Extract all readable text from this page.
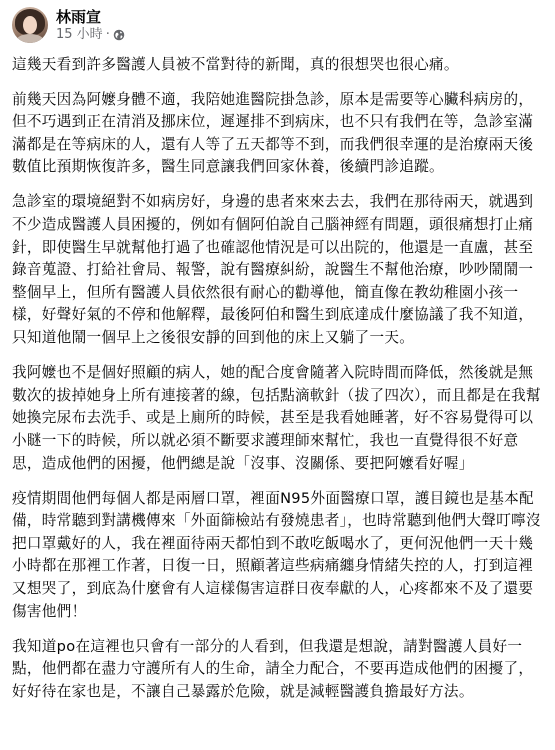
林雨宣
15 小時 ·

這幾天看到許多醫護人員被不當對待的新聞，真的很想哭也很心痛。

前幾天因為阿嬤身體不適，我陪她進醫院掛急診，原本是需要等心臟科病房的，但不巧遇到正在清消及挪床位，遲遲排不到病床，也不只有我們在等，急診室滿滿都是在等病床的人，還有人等了五天都等不到，而我們很幸運的是治療兩天後數值比預期恢復許多，醫生同意讓我們回家休養，後續門診追蹤。

急診室的環境絕對不如病房好，身邊的患者來來去去，我們在那待兩天，就遇到不少造成醫護人員困擾的，例如有個阿伯說自己腦神經有問題，頭很痛想打止痛針，即使醫生早就幫他打過了也確認他情況是可以出院的，他還是一直盧，甚至錄音蒐證、打給社會局、報警，說有醫療糾紛，說醫生不幫他治療，吵吵鬧鬧一整個早上，但所有醫護人員依然很有耐心的勸導他，簡直像在教幼稚園小孩一樣，好聲好氣的不停和他解釋，最後阿伯和醫生到底達成什麼協議了我不知道，只知道他鬧一個早上之後很安靜的回到他的床上又躺了一天。

我阿嬤也不是個好照顧的病人，她的配合度會隨著入院時間而降低，然後就是無數次的拔掉她身上所有連接著的線，包括點滴軟針（拔了四次），而且都是在我幫她換完尿布去洗手、或是上廁所的時候，甚至是我看她睡著，好不容易覺得可以小瞇一下的時候，所以就必須不斷要求護理師來幫忙，我也一直覺得很不好意思，造成他們的困擾，他們總是說「沒事、沒關係、要把阿嬤看好喔」

疫情期間他們每個人都是兩層口罩，裡面N95外面醫療口罩，護目鏡也是基本配備，時常聽到對講機傳來「外面篩檢站有發燒患者」，也時常聽到他們大聲叮嚀沒把口罩戴好的人，我在裡面待兩天都怕到不敢吃飯喝水了，更何況他們一天十幾小時都在那裡工作著，日復一日，照顧著這些病痛纏身情緒失控的人，打到這裡又想哭了，到底為什麼會有人這樣傷害這群日夜奉獻的人，心疼都來不及了還要傷害他們！

我知道po在這裡也只會有一部分的人看到，但我還是想說，請對醫護人員好一點，他們都在盡力守護所有人的生命，請全力配合，不要再造成他們的困擾了，好好待在家也是，不讓自己暴露於危險，就是減輕醫護負擔最好方法。
